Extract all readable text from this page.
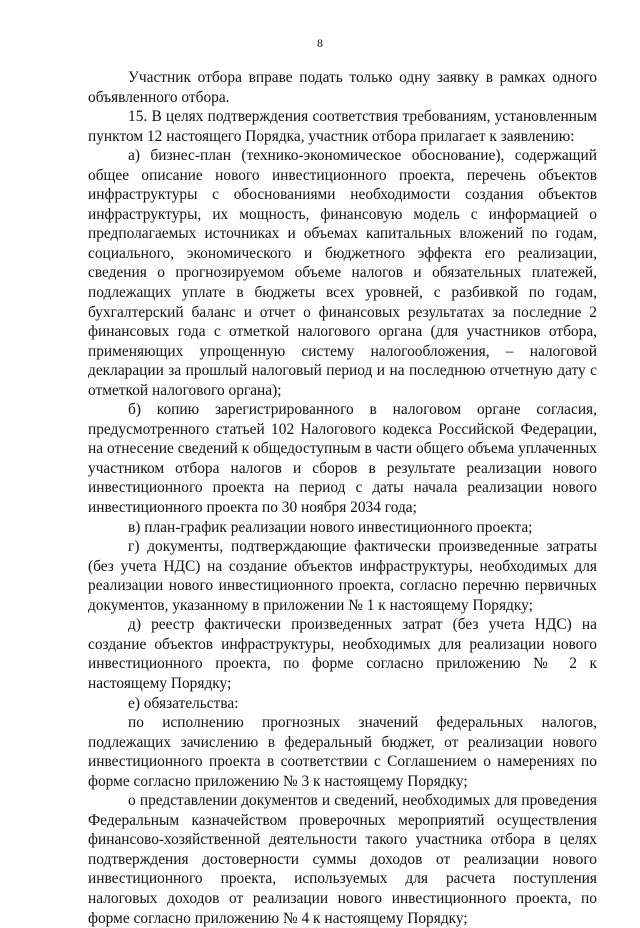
8

Участник отбора вправе подать только одну заявку в рамках одного объявленного отбора.

15. В целях подтверждения соответствия требованиям, установленным пунктом 12 настоящего Порядка, участник отбора прилагает к заявлению:

а) бизнес-план (технико-экономическое обоснование), содержащий общее описание нового инвестиционного проекта, перечень объектов инфраструктуры с обоснованиями необходимости создания объектов инфраструктуры, их мощность, финансовую модель с информацией о предполагаемых источниках и объемах капитальных вложений по годам, социального, экономического и бюджетного эффекта его реализации, сведения о прогнозируемом объеме налогов и обязательных платежей, подлежащих уплате в бюджеты всех уровней, с разбивкой по годам, бухгалтерский баланс и отчет о финансовых результатах за последние 2 финансовых года с отметкой налогового органа (для участников отбора, применяющих упрощенную систему налогообложения, – налоговой декларации за прошлый налоговый период и на последнюю отчетную дату с отметкой налогового органа);

б) копию зарегистрированного в налоговом органе согласия, предусмотренного статьей 102 Налогового кодекса Российской Федерации, на отнесение сведений к общедоступным в части общего объема уплаченных участником отбора налогов и сборов в результате реализации нового инвестиционного проекта на период с даты начала реализации нового инвестиционного проекта по 30 ноября 2034 года;

в) план-график реализации нового инвестиционного проекта;

г) документы, подтверждающие фактически произведенные затраты (без учета НДС) на создание объектов инфраструктуры, необходимых для реализации нового инвестиционного проекта, согласно перечню первичных документов, указанному в приложении № 1 к настоящему Порядку;

д) реестр фактически произведенных затрат (без учета НДС) на создание объектов инфраструктуры, необходимых для реализации нового инвестиционного проекта, по форме согласно приложению № 2 к настоящему Порядку;

е) обязательства:

по исполнению прогнозных значений федеральных налогов, подлежащих зачислению в федеральный бюджет, от реализации нового инвестиционного проекта в соответствии с Соглашением о намерениях по форме согласно приложению № 3 к настоящему Порядку;

о представлении документов и сведений, необходимых для проведения Федеральным казначейством проверочных мероприятий осуществления финансово-хозяйственной деятельности такого участника отбора в целях подтверждения достоверности суммы доходов от реализации нового инвестиционного проекта, используемых для расчета поступления налоговых доходов от реализации нового инвестиционного проекта, по форме согласно приложению № 4 к настоящему Порядку;
